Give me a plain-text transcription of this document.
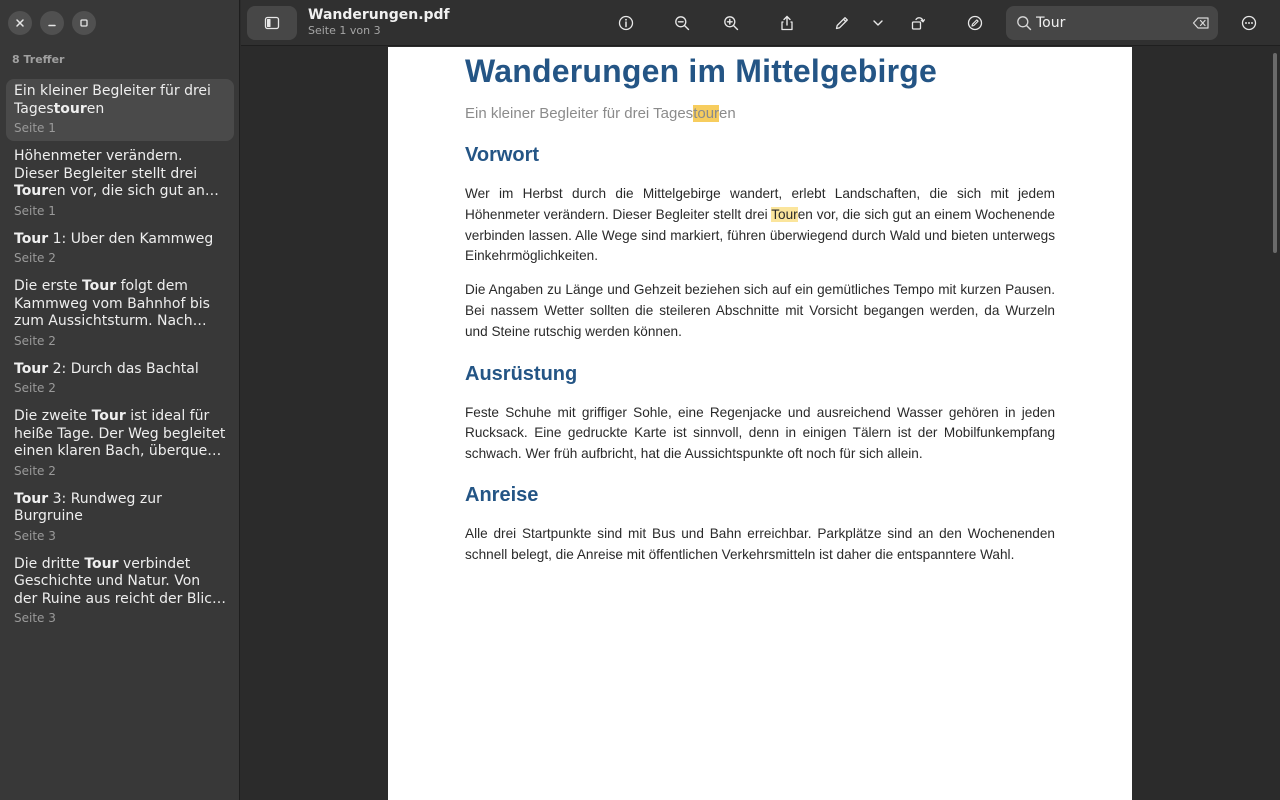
8 Treffer
Ein kleiner Begleiter für drei Tagestouren
Seite 1
Höhenmeter verändern. Dieser Begleiter stellt drei Touren vor, die sich gut an
Seite 1
Tour 1: Über den Kammweg
Seite 2
Die erste Tour folgt dem Kammweg vom Bahnhof bis zum Aussichtsturm. Nach
Seite 2
Tour 2: Durch das Bachtal
Seite 2
Die zweite Tour ist ideal für heiße Tage. Der Weg begleitet einen klaren Bach, überquert
Seite 2
Tour 3: Rundweg zur Burgruine
Seite 3
Die dritte Tour verbindet Geschichte und Natur. Von der Ruine aus reicht der Blick
Seite 3
Wanderungen.pdf
Seite 1 von 3
Tour
Wanderungen im Mittelgebirge
Ein kleiner Begleiter für drei Tagestouren
Vorwort

Wer im Herbst durch die Mittelgebirge wandert, erlebt Landschaften, die sich mit jedem Höhenmeter verändern. Dieser Begleiter stellt drei Touren vor, die sich gut an einem Wochenende verbinden lassen. Alle Wege sind markiert, führen überwiegend durch Wald und bieten unterwegs Einkehrmöglichkeiten.

Die Angaben zu Länge und Gehzeit beziehen sich auf ein gemütliches Tempo mit kurzen Pausen. Bei nassem Wetter sollten die steileren Abschnitte mit Vorsicht begangen werden, da Wurzeln und Steine rutschig werden können.

Ausrüstung

Feste Schuhe mit griffiger Sohle, eine Regenjacke und ausreichend Wasser gehören in jeden Rucksack. Eine gedruckte Karte ist sinnvoll, denn in einigen Tälern ist der Mobilfunkempfang schwach. Wer früh aufbricht, hat die Aussichtspunkte oft noch für sich allein.

Anreise

Alle drei Startpunkte sind mit Bus und Bahn erreichbar. Parkplätze sind an den Wochenenden schnell belegt, die Anreise mit öffentlichen Verkehrsmitteln ist daher die entspanntere Wahl.
